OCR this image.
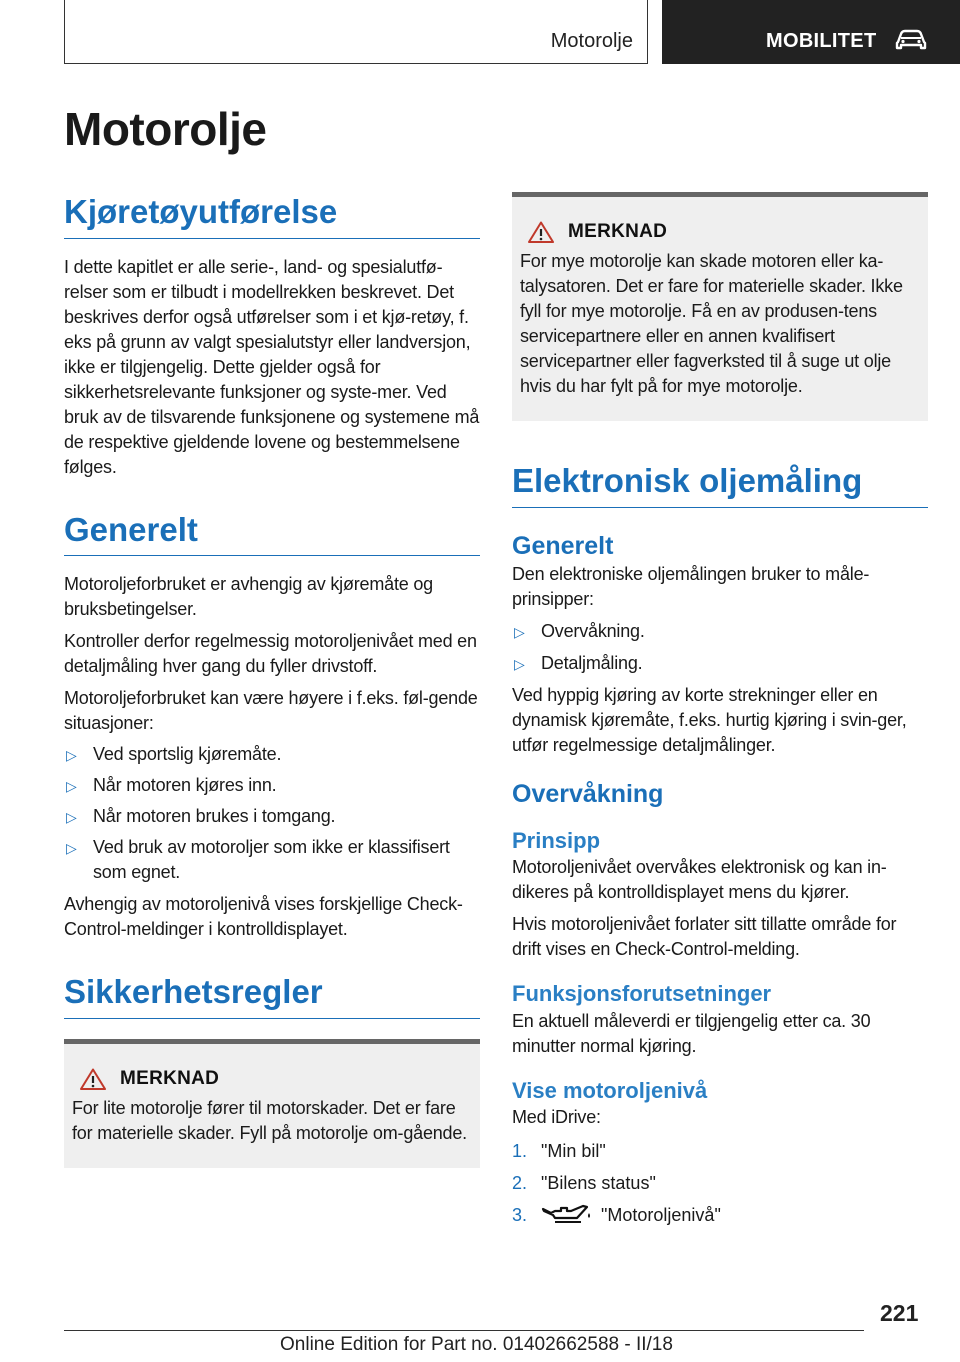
Motorolje	MOBILITET
Motorolje
Kjøretøyutførelse

I dette kapitlet er alle serie-, land- og spesialutfø-relser som er tilbudt i modellrekken beskrevet. Det beskrives derfor også utførelser som i et kjø-retøy, f. eks på grunn av valgt spesialutstyr eller landversjon, ikke er tilgjengelig. Dette gjelder også for sikkerhetsrelevante funksjoner og syste-mer. Ved bruk av de tilsvarende funksjonene og systemene må de respektive gjeldende lovene og bestemmelsene følges.

Generelt

Motoroljeforbruket er avhengig av kjøremåte og bruksbetingelser.

Kontroller derfor regelmessig motoroljenivået med en detaljmåling hver gang du fyller drivstoff.

Motoroljeforbruket kan være høyere i f.eks. føl-gende situasjoner:

▷ Ved sportslig kjøremåte.
▷ Når motoren kjøres inn.
▷ Når motoren brukes i tomgang.
▷ Ved bruk av motoroljer som ikke er klassifisert som egnet.

Avhengig av motoroljenivå vises forskjellige Check-Control-meldinger i kontrolldisplayet.

Sikkerhetsregler
MERKNAD

For lite motorolje fører til motorskader. Det er fare for materielle skader. Fyll på motorolje om-gående.

MERKNAD

For mye motorolje kan skade motoren eller ka-talysatoren. Det er fare for materielle skader. Ikke fyll for mye motorolje. Få en av produsen-tens servicepartnere eller en annen kvalifisert servicepartner eller fagverksted til å suge ut olje hvis du har fylt på for mye motorolje.

Elektronisk oljemåling
Generelt

Den elektroniske oljemålingen bruker to måle-prinsipper:

▷ Overvåkning.
▷ Detaljmåling.

Ved hyppig kjøring av korte strekninger eller en dynamisk kjøremåte, f.eks. hurtig kjøring i svin-ger, utfør regelmessige detaljmålinger.

Overvåkning
Prinsipp

Motoroljenivået overvåkes elektronisk og kan in-dikeres på kontrolldisplayet mens du kjører.

Hvis motoroljenivået forlater sitt tillatte område for drift vises en Check-Control-melding.

Funksjonsforutsetninger

En aktuell måleverdi er tilgjengelig etter ca. 30 minutter normal kjøring.

Vise motoroljenivå

Med iDrive:

1. "Min bil"
2. "Bilens status"
3.	"Motoroljenivå"
221
Online Edition for Part no. 01402662588 - II/18
